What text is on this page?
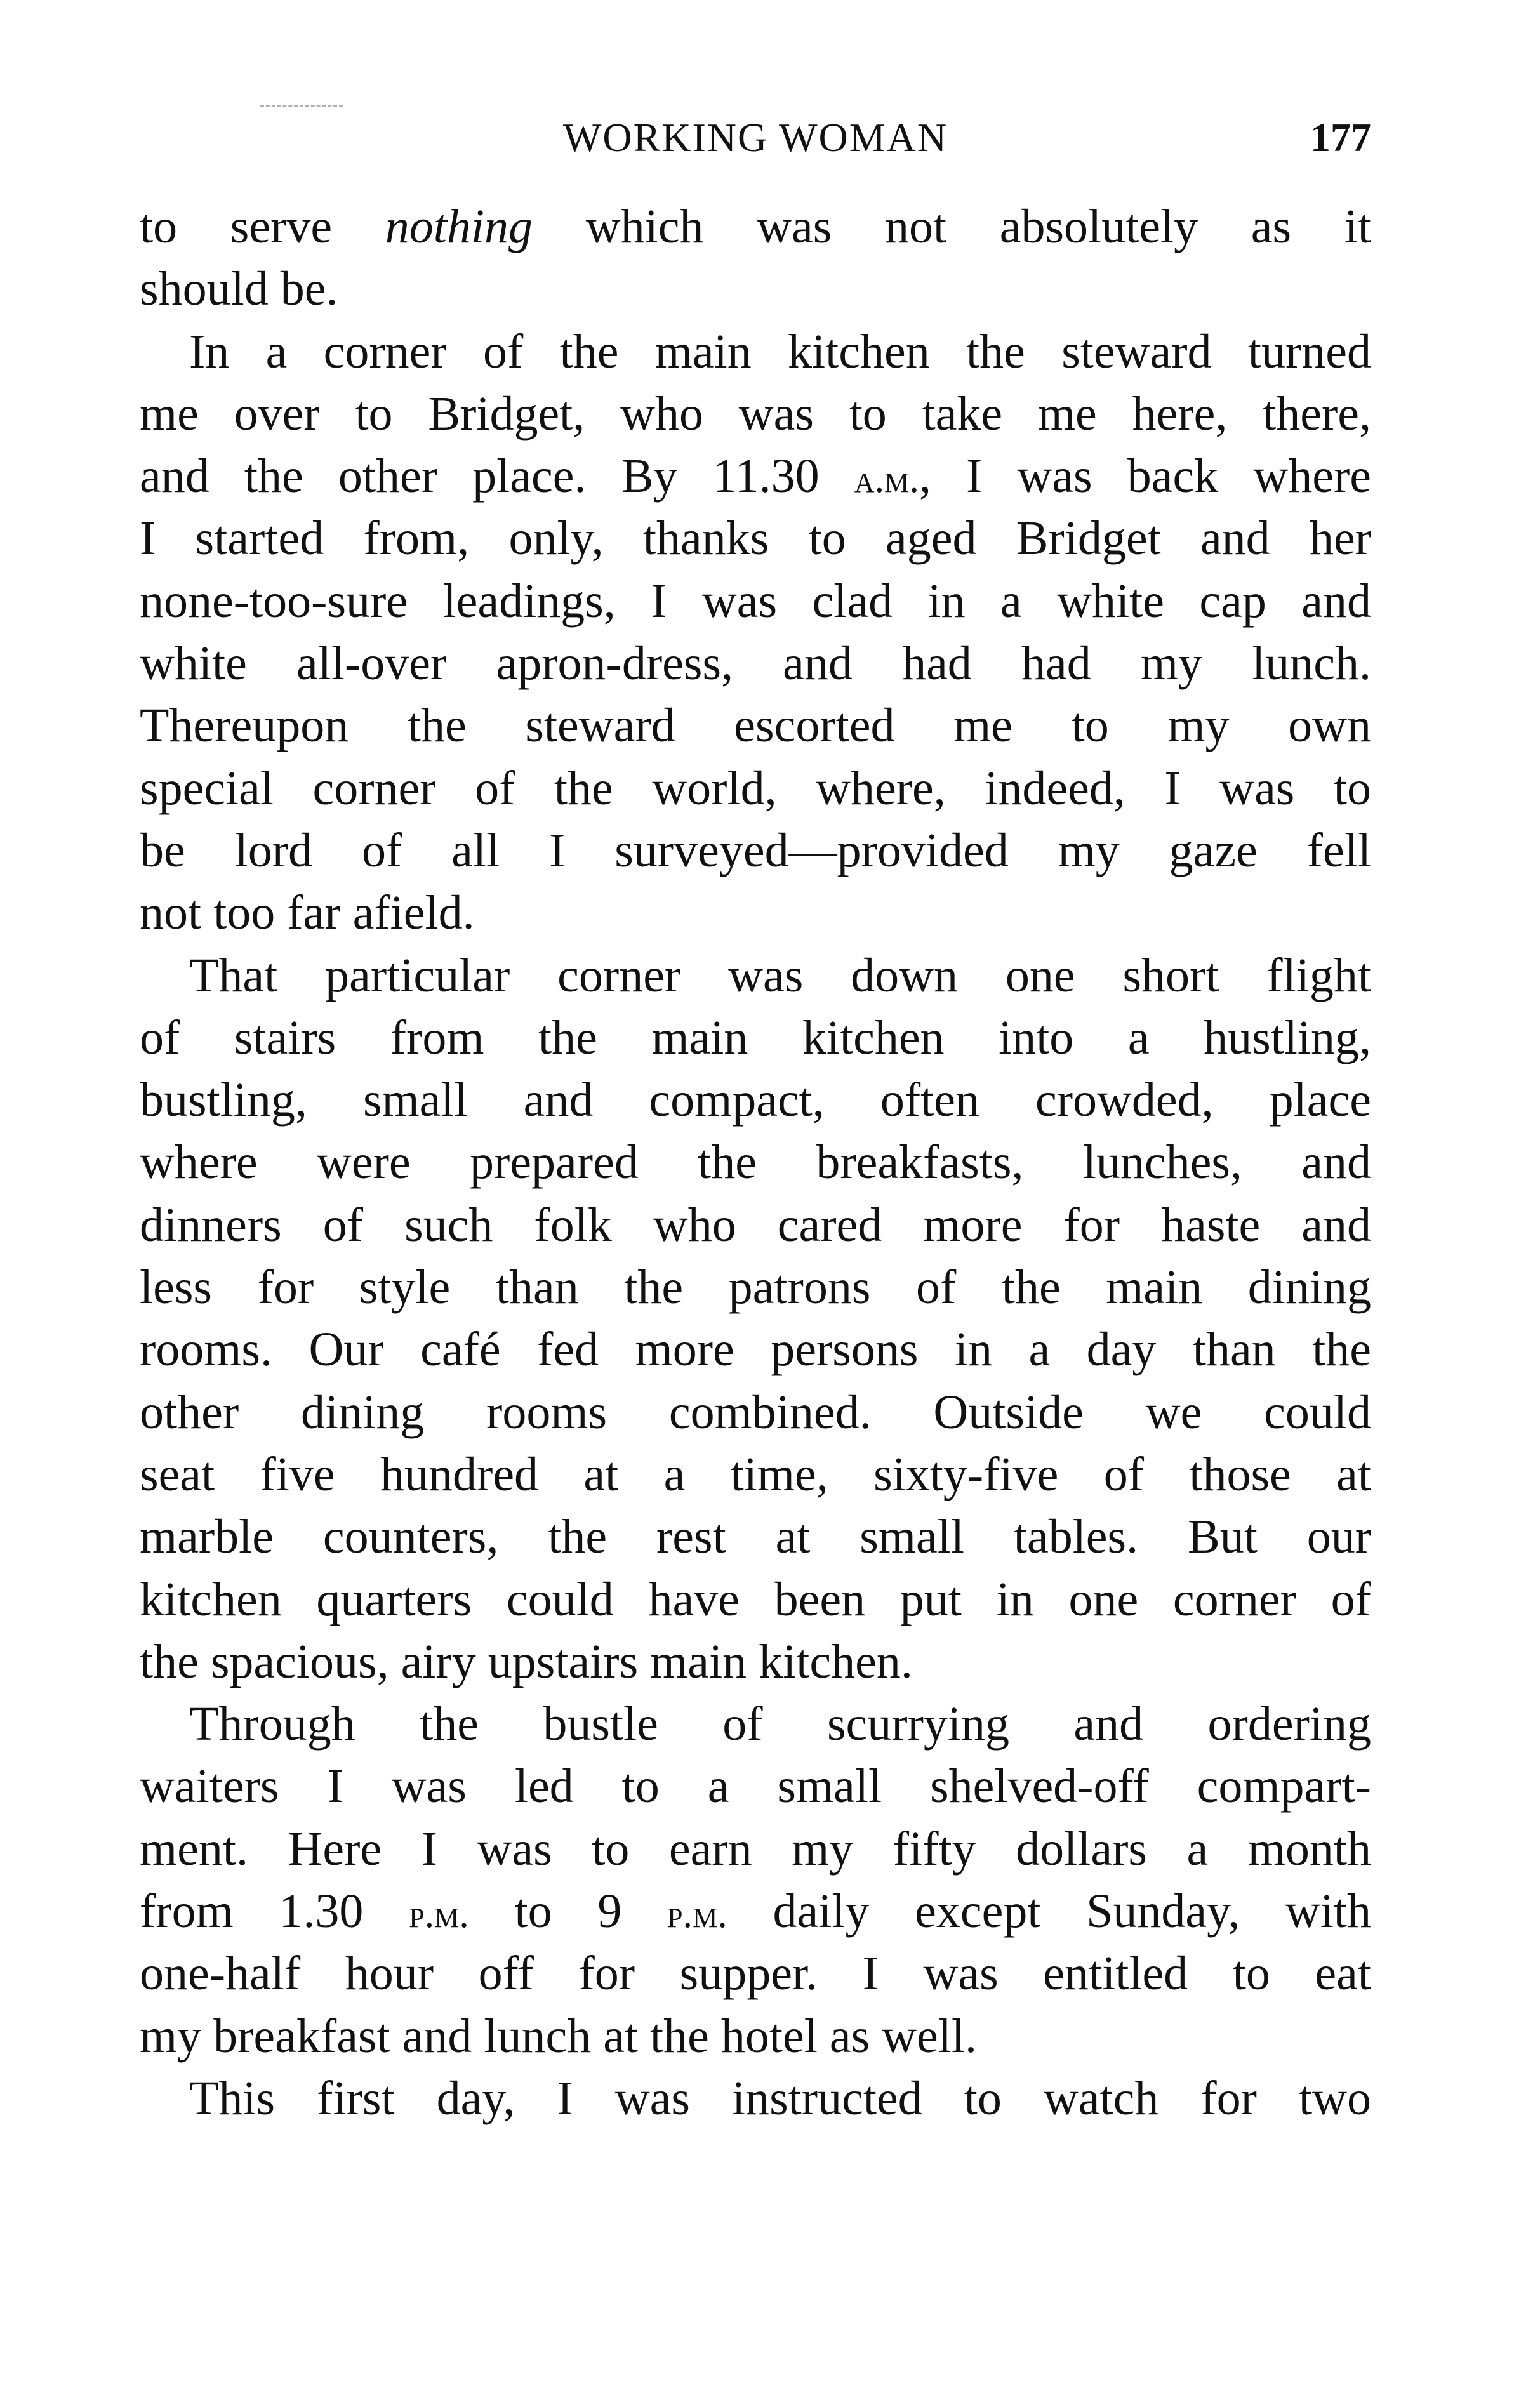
WORKING WOMAN	177
to serve nothing which was not absolutely as it
should be.
In a corner of the main kitchen the steward turned
me over to Bridget, who was to take me here, there,
and the other place. By 11.30 a.m., I was back where
I started from, only, thanks to aged Bridget and her
none-too-sure leadings, I was clad in a white cap and
white all-over apron-dress, and had had my lunch.
Thereupon the steward escorted me to my own
special corner of the world, where, indeed, I was to
be lord of all I surveyed—provided my gaze fell
not too far afield.
That particular corner was down one short flight
of stairs from the main kitchen into a hustling,
bustling, small and compact, often crowded, place
where were prepared the breakfasts, lunches, and
dinners of such folk who cared more for haste and
less for style than the patrons of the main dining
rooms. Our café fed more persons in a day than the
other dining rooms combined. Outside we could
seat five hundred at a time, sixty-five of those at
marble counters, the rest at small tables. But our
kitchen quarters could have been put in one corner of
the spacious, airy upstairs main kitchen.
Through the bustle of scurrying and ordering
waiters I was led to a small shelved-off compart-
ment. Here I was to earn my fifty dollars a month
from 1.30 p.m. to 9 p.m. daily except Sunday, with
one-half hour off for supper. I was entitled to eat
my breakfast and lunch at the hotel as well.
This first day, I was instructed to watch for two
